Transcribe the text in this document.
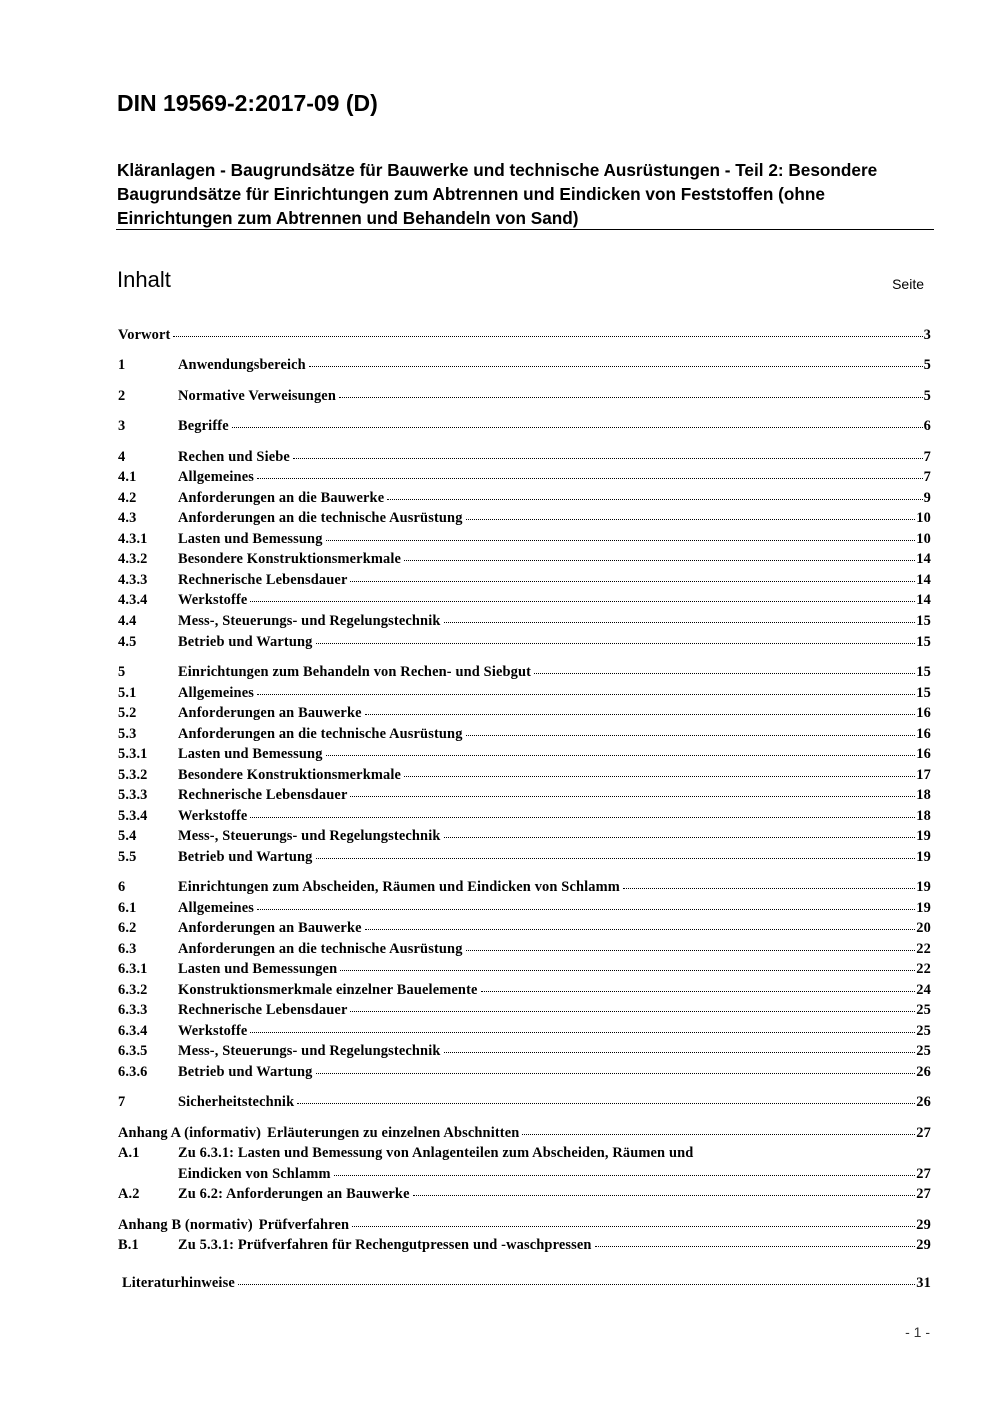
DIN 19569-2:2017-09 (D)

Kläranlagen - Baugrundsätze für Bauwerke und technische Ausrüstungen - Teil 2: Besondere Baugrundsätze für Einrichtungen zum Abtrennen und Eindicken von Feststoffen (ohne Einrichtungen zum Abtrennen und Behandeln von Sand)

Inhalt	Seite
Vorwort	3
1	Anwendungsbereich	5
2	Normative Verweisungen	5
3	Begriffe	6
4	Rechen und Siebe	7
4.1	Allgemeines	7
4.2	Anforderungen an die Bauwerke	9
4.3	Anforderungen an die technische Ausrüstung	10
4.3.1	Lasten und Bemessung	10
4.3.2	Besondere Konstruktionsmerkmale	14
4.3.3	Rechnerische Lebensdauer	14
4.3.4	Werkstoffe	14
4.4	Mess-, Steuerungs- und Regelungstechnik	15
4.5	Betrieb und Wartung	15
5	Einrichtungen zum Behandeln von Rechen- und Siebgut	15
5.1	Allgemeines	15
5.2	Anforderungen an Bauwerke	16
5.3	Anforderungen an die technische Ausrüstung	16
5.3.1	Lasten und Bemessung	16
5.3.2	Besondere Konstruktionsmerkmale	17
5.3.3	Rechnerische Lebensdauer	18
5.3.4	Werkstoffe	18
5.4	Mess-, Steuerungs- und Regelungstechnik	19
5.5	Betrieb und Wartung	19
6	Einrichtungen zum Abscheiden, Räumen und Eindicken von Schlamm	19
6.1	Allgemeines	19
6.2	Anforderungen an Bauwerke	20
6.3	Anforderungen an die technische Ausrüstung	22
6.3.1	Lasten und Bemessungen	22
6.3.2	Konstruktionsmerkmale einzelner Bauelemente	24
6.3.3	Rechnerische Lebensdauer	25
6.3.4	Werkstoffe	25
6.3.5	Mess-, Steuerungs- und Regelungstechnik	25
6.3.6	Betrieb und Wartung	26
7	Sicherheitstechnik	26
Anhang A (informativ) Erläuterungen zu einzelnen Abschnitten	27
A.1	Zu 6.3.1: Lasten und Bemessung von Anlagenteilen zum Abscheiden, Räumen und
Eindicken von Schlamm	27
A.2	Zu 6.2: Anforderungen an Bauwerke	27
Anhang B (normativ) Prüfverfahren	29
B.1	Zu 5.3.1: Prüfverfahren für Rechengutpressen und -waschpressen	29
Literaturhinweise	31
- 1 -
